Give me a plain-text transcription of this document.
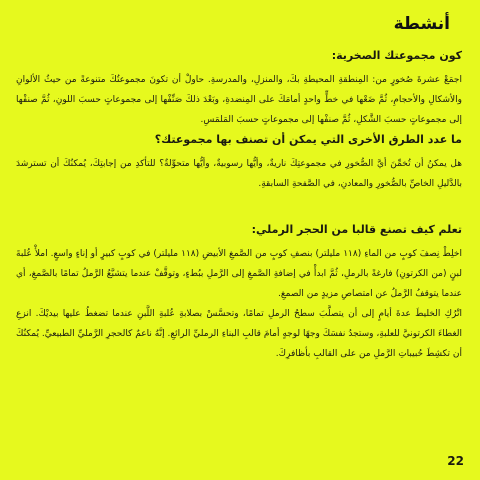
أنشطة
كون مجموعتك الصخرية:

اجمَعْ عشرةَ صُخورٍ من: المِنطقةِ المحيطةِ بكَ، والمنزلِ، والمدرسةِ. حاولْ أن تكونَ مجموعتُكَ متنوعةً من حيثُ الألوانِ والأشكالِ والأحجامِ، ثُمَّ ضَعْها في خطٍّ واحدٍ أمامَكَ على المِنضدةِ، وبَعْدَ ذلكَ صَنِّفْها إلى مجموعاتٍ حسبَ اللونِ، ثُمَّ صنفْها إلى مجموعاتٍ حسبَ الشَّكلِ، ثُمَّ صنفْها إلى مجموعاتٍ حسبَ المَلمَسِ.

ما عدد الطرق الأخرى التي يمكن أن تصنف بها مجموعتك؟

هل يمكنُ أن تُخمِّنَ أيَّ الصُّخورِ في مجموعتِكَ ناريةٌ، وأيُّها رسوبيةٌ، وأيُّها متحوِّلةٌ؟ للتأكدِ من إجابتِكَ، يُمكنُكَ أن تسترشدَ بالدَّليلِ الخاصِّ بالصُّخورِ والمعادنِ، في الصَّفحةِ السابقةِ.

تعلم كيف تصنع قالبا من الحجر الرملي:

اخلِطْ نِصفَ كوبٍ من الماءِ (١١٨ مليلتر) بنصفِ كوبٍ من الصَّمغِ الأبيضِ (١١٨ مليلتر) في كوبٍ كبيرٍ أو إناءٍ واسعٍ. املأْ عُلبةَ لبنٍ (من الكرتونِ) فارغةً بالرملِ، ثُمَّ ابدأْ في إضافةِ الصَّمغِ إلى الرَّملِ ببُطءٍ، وتوقَّفْ عندما يتشبَّعُ الرَّملُ تمامًا بالصَّمغِ، أي عندما يتوقفُ الرَّملُ عن امتصاصِ مزيدٍ من الصمغِ.

اتْرُكِ الخليطَ عدةَ أيامٍ إلى أن يتصلَّبَ سطحُ الرملِ تمامًا، وتحسَّسْ بصلابةِ عُلبةِ اللَّبنِ عندما تضغطُ عليها بيديْكَ. انزعِ الغطاءَ الكرتونيَّ للعلبةِ، وستجدُ نفسَكَ وجهًا لوجهٍ أمامَ قالبِ البناءِ الرمليِّ الرائعِ. إنَّهُ ناعمٌ كالحجرِ الرَّمليِّ الطبيعيِّ. يُمكنُكَ أن تكشِطَ حُبيباتِ الرَّملِ من على القالبِ بأظافرِكَ.

22
